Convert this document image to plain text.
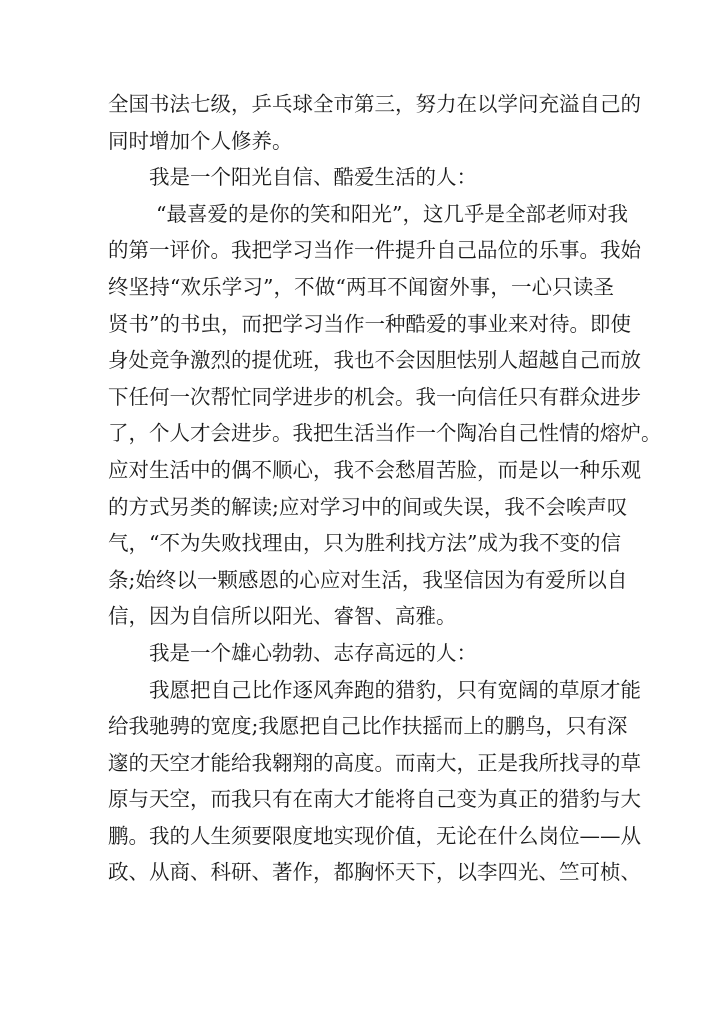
全国书法七级，乒乓球全市第三，努力在以学问充溢自己的
同时增加个人修养。
我是一个阳光自信、酷爱生活的人：
“最喜爱的是你的笑和阳光”，这几乎是全部老师对我
的第一评价。我把学习当作一件提升自己品位的乐事。我始
终坚持“欢乐学习”，不做“两耳不闻窗外事，一心只读圣
贤书”的书虫，而把学习当作一种酷爱的事业来对待。即使
身处竞争激烈的提优班，我也不会因胆怯别人超越自己而放
下任何一次帮忙同学进步的机会。我一向信任只有群众进步
了，个人才会进步。我把生活当作一个陶冶自己性情的熔炉。
应对生活中的偶不顺心，我不会愁眉苦脸，而是以一种乐观
的方式另类的解读;应对学习中的间或失误，我不会唉声叹
气，“不为失败找理由，只为胜利找方法”成为我不变的信
条;始终以一颗感恩的心应对生活，我坚信因为有爱所以自
信，因为自信所以阳光、睿智、高雅。
我是一个雄心勃勃、志存高远的人：
我愿把自己比作逐风奔跑的猎豹，只有宽阔的草原才能
给我驰骋的宽度;我愿把自己比作扶摇而上的鹏鸟，只有深
邃的天空才能给我翱翔的高度。而南大，正是我所找寻的草
原与天空，而我只有在南大才能将自己变为真正的猎豹与大
鹏。我的人生须要限度地实现价值，无论在什么岗位——从
政、从商、科研、著作，都胸怀天下，以李四光、竺可桢、
